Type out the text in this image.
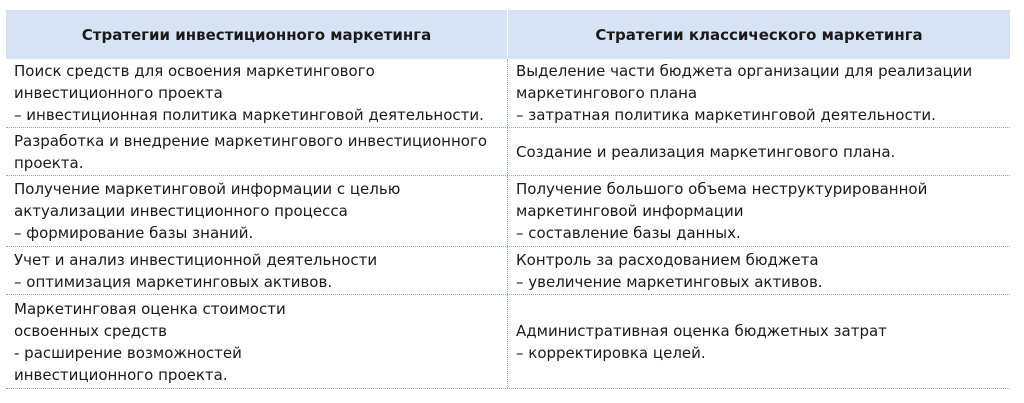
Стратегии инвестиционного маркетинга	Стратегии классического маркетинга
Поиск средств для освоения маркетингового
инвестиционного проекта
– инвестиционная политика маркетинговой деятельности.
Выделение части бюджета организации для реализации
маркетингового плана
– затратная политика маркетинговой деятельности.
Разработка и внедрение маркетингового инвестиционного
проекта.
Создание и реализация маркетингового плана.
Получение маркетинговой информации с целью
актуализации инвестиционного процесса
– формирование базы знаний.
Получение большого объема неструктурированной
маркетинговой информации
– составление базы данных.
Учет и анализ инвестиционной деятельности
– оптимизация маркетинговых активов.
Контроль за расходованием бюджета
– увеличение маркетинговых активов.
Маркетинговая оценка стоимости
освоенных средств
- расширение возможностей
инвестиционного проекта.
Административная оценка бюджетных затрат
– корректировка целей.
